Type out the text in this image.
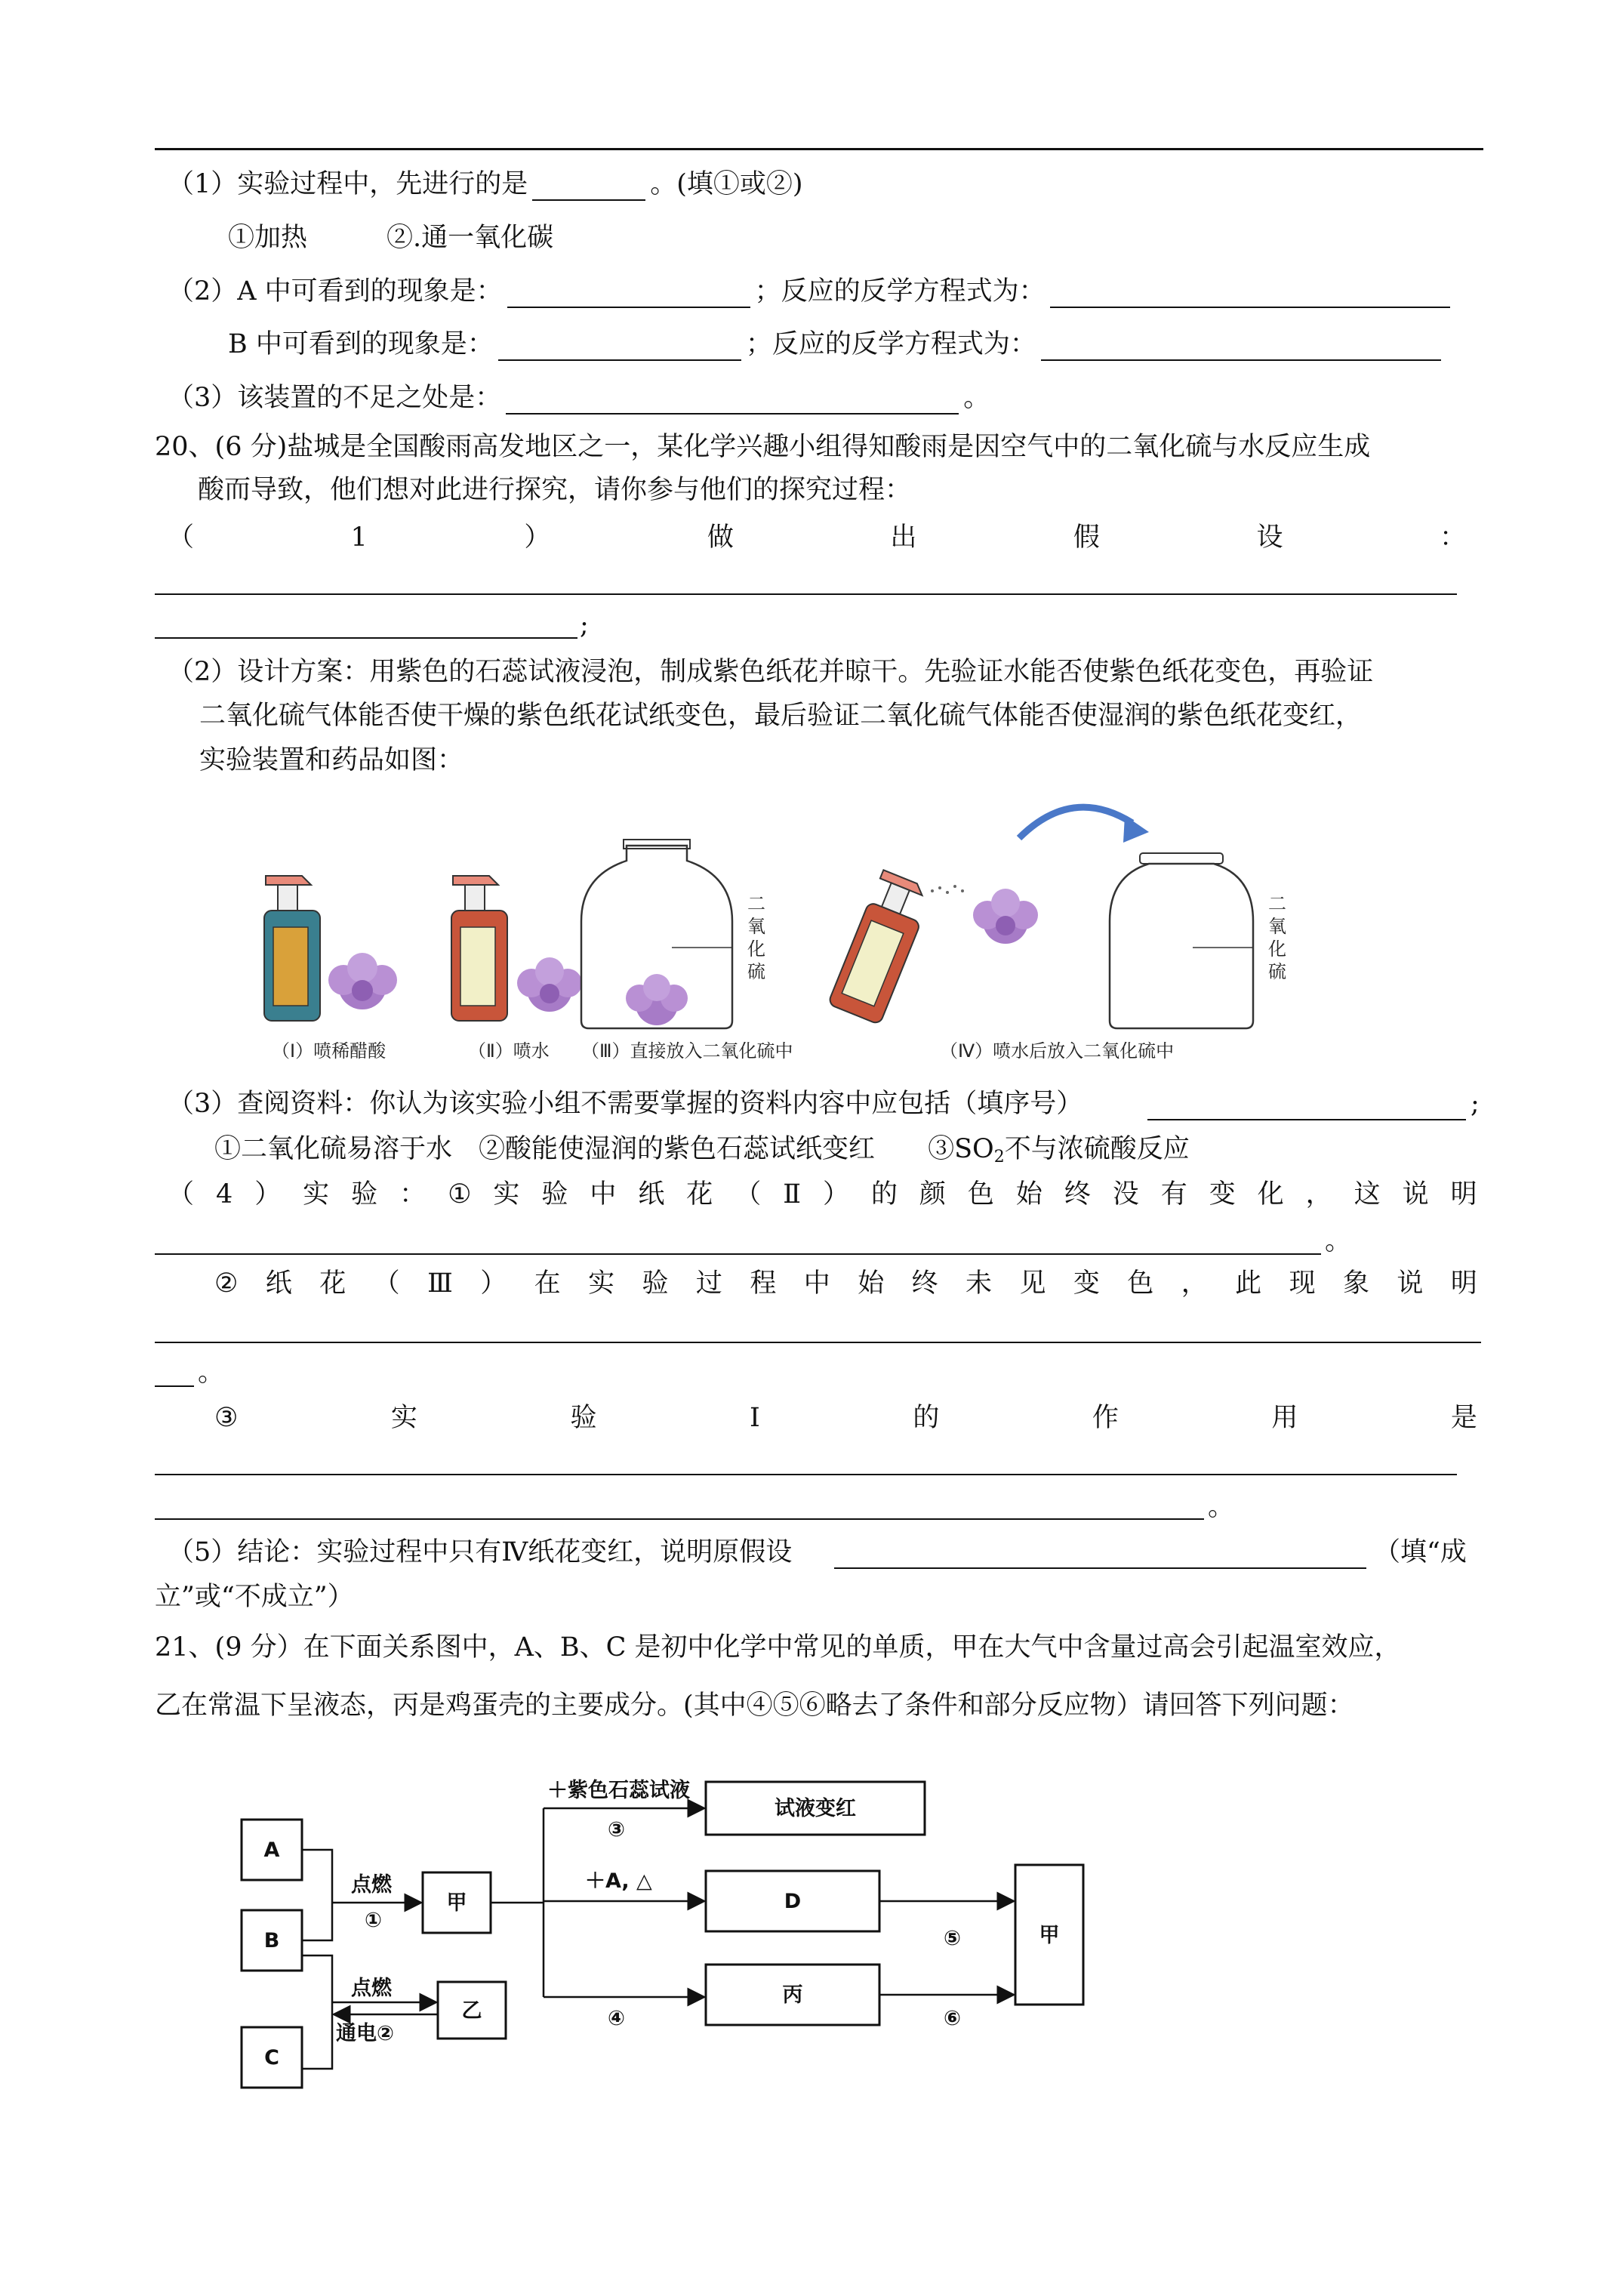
（1）实验过程中，先进行的是	。(填①或②)
①加热　　　②.通一氧化碳
（2）A 中可看到的现象是：	；反应的反学方程式为：
B 中可看到的现象是：	；反应的反学方程式为：
（3）该装置的不足之处是：	。
20、(6 分)盐城是全国酸雨高发地区之一，某化学兴趣小组得知酸雨是因空气中的二氧化硫与水反应生成
酸而导致，他们想对此进行探究，请你参与他们的探究过程：
（	1	）	做	出	假	设	：
;
（2）设计方案：用紫色的石蕊试液浸泡，制成紫色纸花并晾干。先验证水能否使紫色纸花变色，再验证
二氧化硫气体能否使干燥的紫色纸花试纸变色，最后验证二氧化硫气体能否使湿润的紫色纸花变红，
实验装置和药品如图：
二
氧
化
硫
二
氧
化
硫
（Ⅰ）喷稀醋酸	（Ⅱ）喷水 （Ⅲ）直接放入二氧化硫中	（Ⅳ）喷水后放入二氧化硫中
（3）查阅资料：你认为该实验小组不需要掌握的资料内容中应包括（填序号）	;
①二氧化硫易溶于水　 ②酸能使湿润的紫色石蕊试纸变红　　 $③SO_2$不与浓硫酸反应
（ 4 ） 实 验 ： ① 实 验 中 纸 花 （ Ⅱ ） 的 颜 色 始 终 没 有 变 化 ， 这 说 明
。
② 纸 花 （ Ⅲ ） 在 实 验 过 程 中 始 终 未 见 变 色 ， 此 现 象 说 明
。
③	实	验	I	的	作	用	是
。
（5）结论：实验过程中只有Ⅳ纸花变红，说明原假设	（填“成
立”或“不成立”）
21、(9 分）在下面关系图中，A、B、C 是初中化学中常见的单质，甲在大气中含量过高会引起温室效应，
乙在常温下呈液态，丙是鸡蛋壳的主要成分。(其中④⑤⑥略去了条件和部分反应物）请回答下列问题：
A
B
C
甲
乙
试液变红
D
丙
甲
点燃
①
点燃
通电②
＋紫色石蕊试液
③
＋A, △
④
⑤
⑥
